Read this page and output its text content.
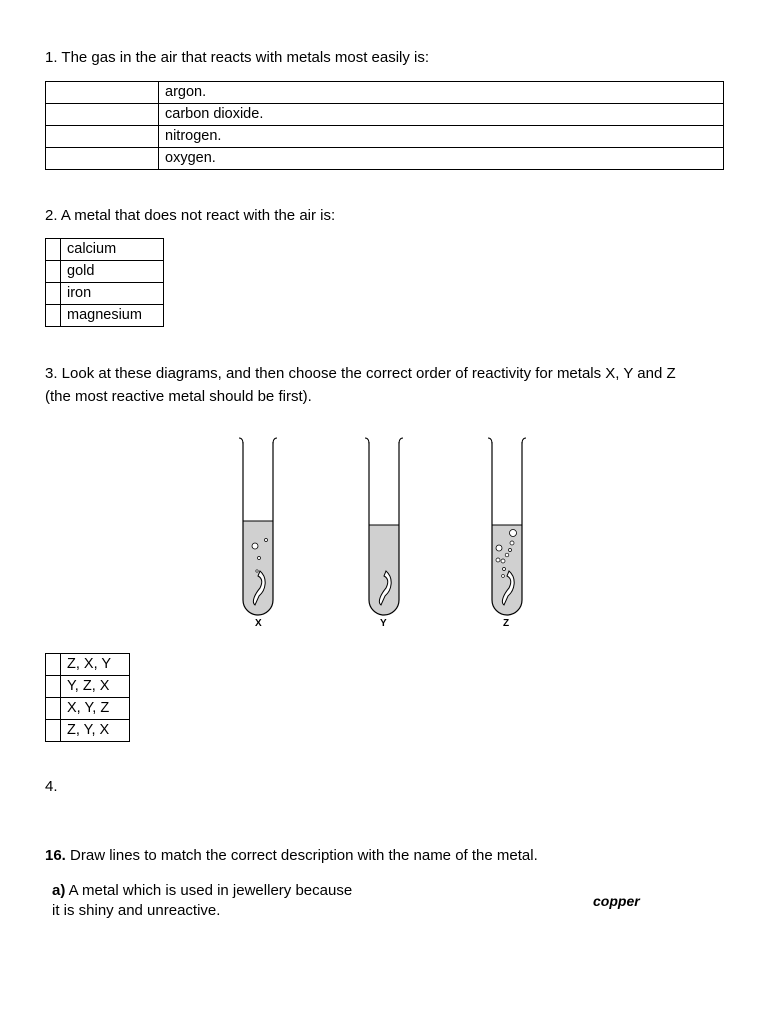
1. The gas in the air that reacts with metals most easily is:
	argon.
	carbon dioxide.
	nitrogen.
	oxygen.
2. A metal that does not react with the air is:
	calcium
	gold
	iron
	magnesium
3. Look at these diagrams, and then choose the correct order of reactivity for metals X, Y and Z
(the most reactive metal should be first).
X	Y	Z
	Z, X, Y
	Y, Z, X
	X, Y, Z
	Z, Y, X
4.
16. Draw lines to match the correct description with the name of the metal.
a) A metal which is used in jewellery because
it is shiny and unreactive.
copper
